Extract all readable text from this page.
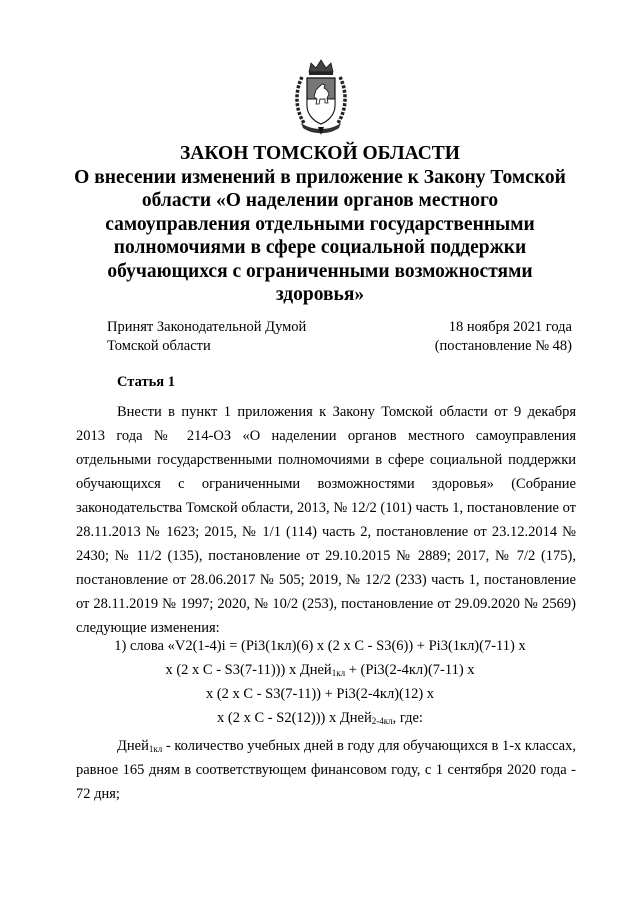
ЗАКОН ТОМСКОЙ ОБЛАСТИ
О внесении изменений в приложение к Закону Томской области «О наделении органов местного самоуправления отдельными государственными полномочиями в сфере социальной поддержки обучающихся с ограниченными возможностями здоровья»
Принят Законодательной Думой
Томской области
18 ноября 2021 года
(постановление № 48)
Статья 1

Внести в пункт 1 приложения к Закону Томской области от 9 декабря 2013 года № 214-ОЗ «О наделении органов местного самоуправления отдельными государственными полномочиями в сфере социальной поддержки обучающихся с ограниченными возможностями здоровья» (Собрание законодательства Томской области, 2013, № 12/2 (101) часть 1, постановление от 28.11.2013 № 1623; 2015, № 1/1 (114) часть 2, постановление от 23.12.2014 № 2430; № 11/2 (135), постановление от 29.10.2015 № 2889; 2017, № 7/2 (175), постановление от 28.06.2017 № 505; 2019, № 12/2 (233) часть 1, постановление от 28.11.2019 № 1997; 2020, № 10/2 (253), постановление от 29.09.2020 № 2569) следующие изменения:

1) слова «V2(1-4)i = (Pi3(1кл)(6) x (2 x C - S3(6)) + Pi3(1кл)(7-11) x
x (2 x C - S3(7-11))) x Дней$_{1кл}$ + (Pi3(2-4кл)(7-11) x
x (2 x C - S3(7-11)) + Pi3(2-4кл)(12) x
x (2 x C - S2(12))) x Дней$_{2-4кл}$, где:

Дней$_{1кл}$ - количество учебных дней в году для обучающихся в 1-х классах, равное 165 дням в соответствующем финансовом году, с 1 сентября 2020 года - 72 дня;
